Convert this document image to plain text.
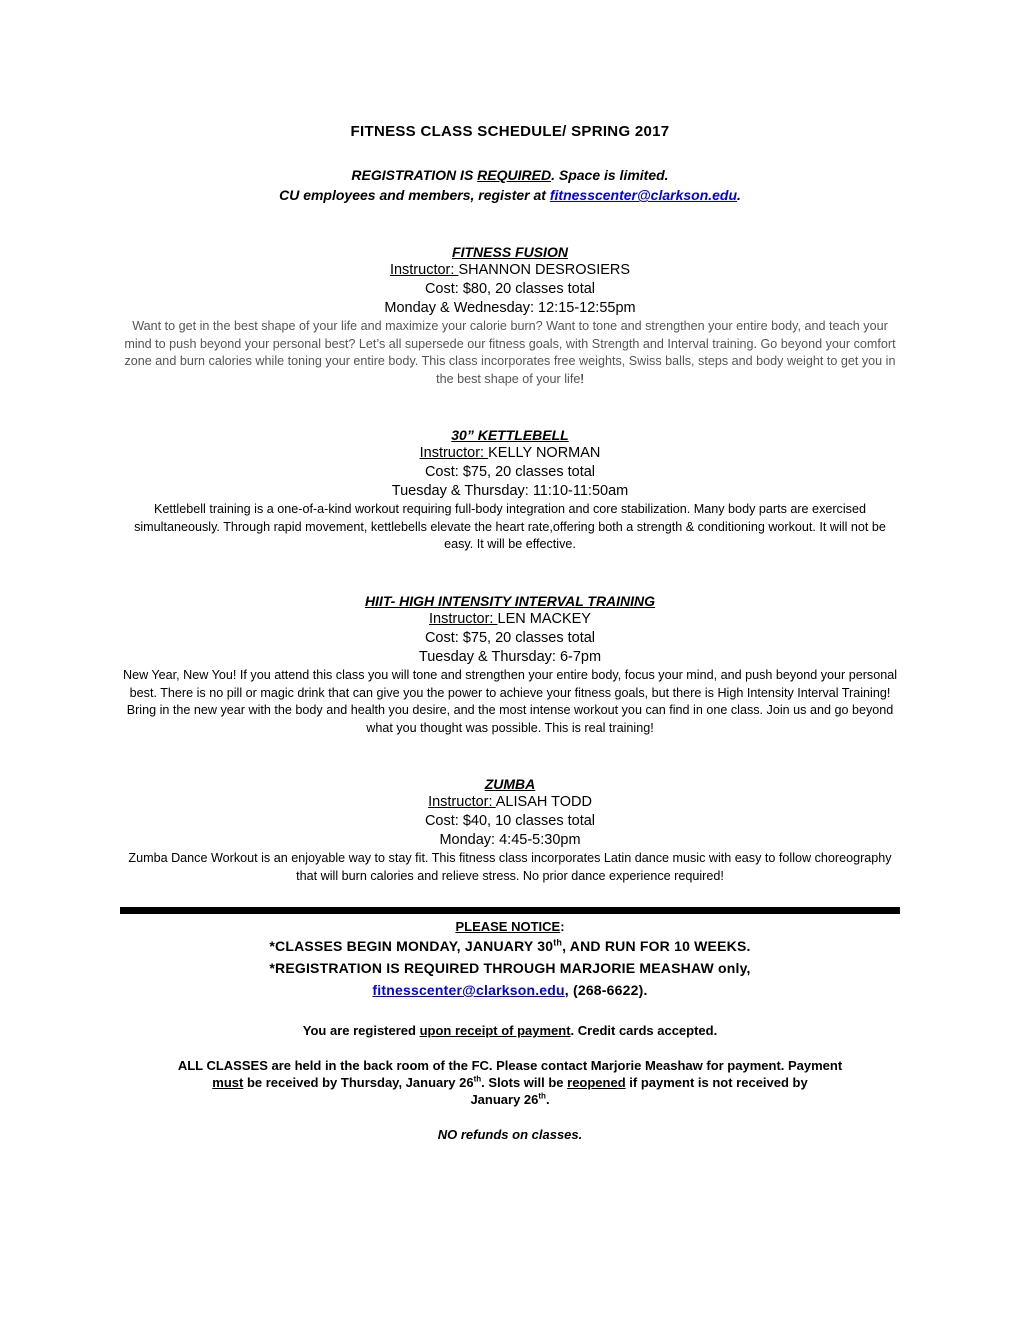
FITNESS CLASS SCHEDULE/ SPRING 2017
REGISTRATION IS REQUIRED. Space is limited.
CU employees and members, register at fitnesscenter@clarkson.edu.
FITNESS FUSION
Instructor: SHANNON DESROSIERS
Cost: $80, 20 classes total
Monday & Wednesday: 12:15-12:55pm
Want to get in the best shape of your life and maximize your calorie burn? Want to tone and strengthen your entire body, and teach your mind to push beyond your personal best? Let’s all supersede our fitness goals, with Strength and Interval training. Go beyond your comfort zone and burn calories while toning your entire body. This class incorporates free weights, Swiss balls, steps and body weight to get you in the best shape of your life!
30” KETTLEBELL
Instructor: KELLY NORMAN
Cost: $75, 20 classes total
Tuesday & Thursday: 11:10-11:50am
Kettlebell training is a one-of-a-kind workout requiring full-body integration and core stabilization. Many body parts are exercised simultaneously. Through rapid movement, kettlebells elevate the heart rate,offering both a strength & conditioning workout. It will not be easy. It will be effective.
HIIT- HIGH INTENSITY INTERVAL TRAINING
Instructor: LEN MACKEY
Cost: $75, 20 classes total
Tuesday & Thursday: 6-7pm
New Year, New You! If you attend this class you will tone and strengthen your entire body, focus your mind, and push beyond your personal best. There is no pill or magic drink that can give you the power to achieve your fitness goals, but there is High Intensity Interval Training! Bring in the new year with the body and health you desire, and the most intense workout you can find in one class. Join us and go beyond what you thought was possible. This is real training!
ZUMBA
Instructor: ALISAH TODD
Cost: $40, 10 classes total
Monday: 4:45-5:30pm
Zumba Dance Workout is an enjoyable way to stay fit. This fitness class incorporates Latin dance music with easy to follow choreography that will burn calories and relieve stress. No prior dance experience required!
PLEASE NOTICE:
*CLASSES BEGIN MONDAY, JANUARY 30th, AND RUN FOR 10 WEEKS.
*REGISTRATION IS REQUIRED THROUGH MARJORIE MEASHAW only,
fitnesscenter@clarkson.edu, (268-6622).
You are registered upon receipt of payment. Credit cards accepted.
ALL CLASSES are held in the back room of the FC. Please contact Marjorie Meashaw for payment. Payment
must be received by Thursday, January 26th. Slots will be reopened if payment is not received by
January 26th.
NO refunds on classes.
